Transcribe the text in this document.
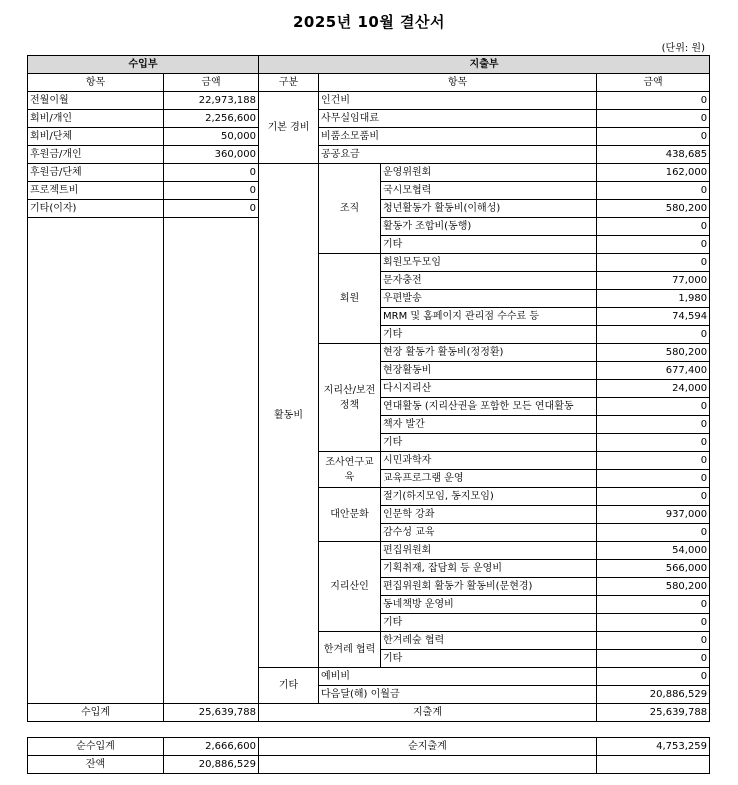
2025년 10월 결산서
(단위: 원)
수입부		지출부			
항목	금액	구분	항목		금액
전월이월	22,973,188	기본 경비	인건비		0
회비/개인	2,256,600		사무실임대료		0
회비/단체	50,000		비품소모품비		0
후원금/개인	360,000		공공요금		438,685
후원금/단체	0	활동비	조직	운영위원회	162,000
프로젝트비	0			국시모협력	0
기타(이자)	0			청년활동가 활동비(이해성)	580,200
				활동가 조합비(동행)	0
				기타	0
			회원	회원모두모임	0
				문자충전	77,000
				우편발송	1,980
				MRM 및 홈페이지 관리점 수수료 등	74,594
				기타	0
			지리산/보전정책	현장 활동가 활동비(정정환)	580,200
				현장활동비	677,400
				다시지리산	24,000
				연대활동 (지리산권을 포함한 모든 연대활동	0
				책자 발간	0
				기타	0
			조사연구교육	시민과학자	0
				교육프로그램 운영	0
			대안문화	절기(하지모임, 동지모임)	0
				인문학 강좌	937,000
				감수성 교육	0
			지리산인	편집위원회	54,000
				기획취재, 잡담회 등 운영비	566,000
				편집위원회 활동가 활동비(문현경)	580,200
				동네책방 운영비	0
				기타	0
			한겨레 협력	한겨레숲 협력	0
				기타	0
		기타	예비비		0
			다음달(해) 이월금		20,886,529
수입계	25,639,788	지출계			25,639,788
순수입계	2,666,600	순지출계	4,753,259
잔액	20,886,529		
